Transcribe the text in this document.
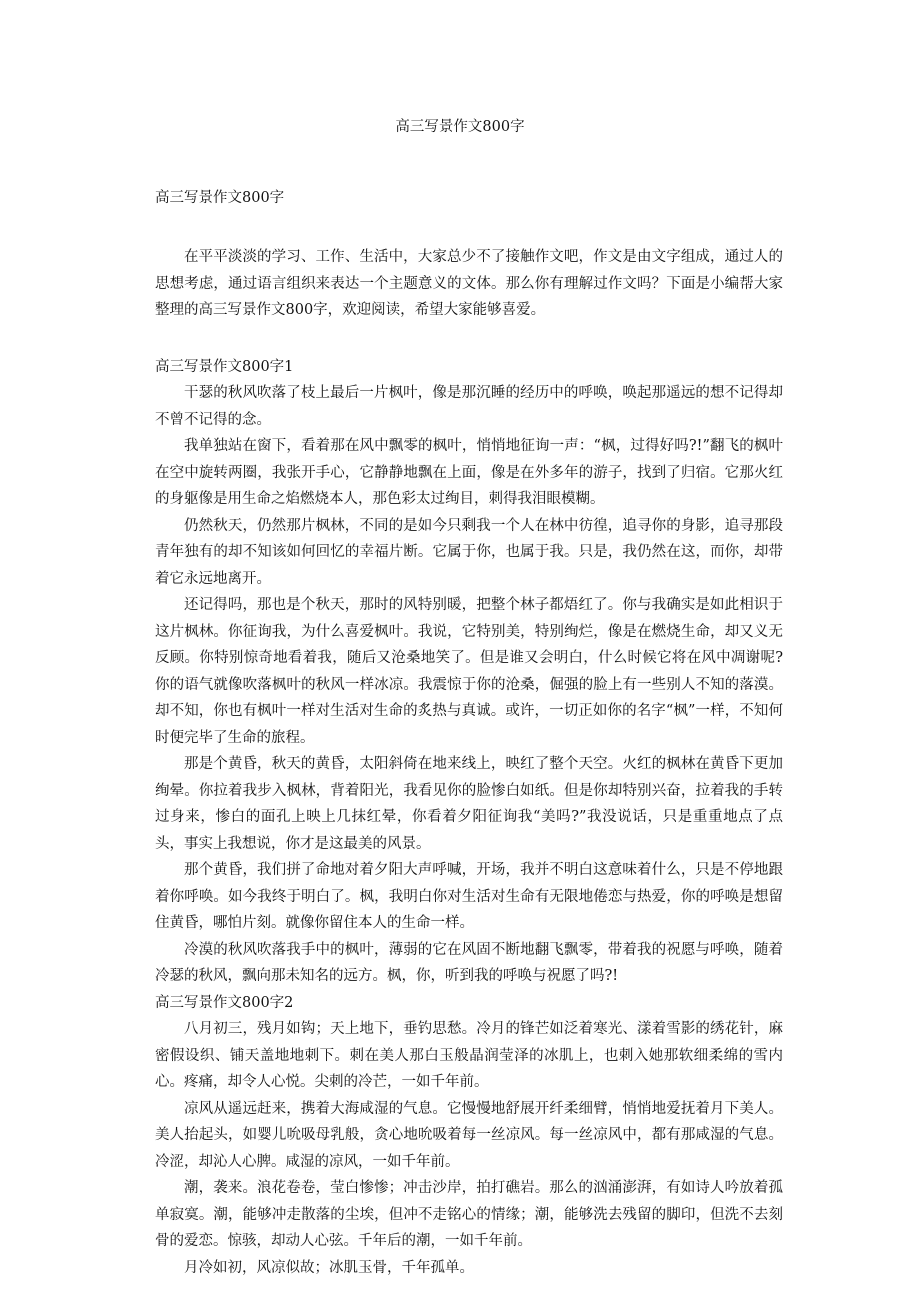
高三写景作文800字

高三写景作文800字

在平平淡淡的学习、工作、生活中，大家总少不了接触作文吧，作文是由文字组成，通过人的思想考虑，通过语言组织来表达一个主题意义的文体。那么你有理解过作文吗？下面是小编帮大家整理的高三写景作文800字，欢迎阅读，希望大家能够喜爱。

高三写景作文800字1

干瑟的秋风吹落了枝上最后一片枫叶，像是那沉睡的经历中的呼唤，唤起那遥远的想不记得却不曾不记得的念。

我单独站在窗下，看着那在风中飘零的枫叶，悄悄地征询一声：“枫，过得好吗?!”翻飞的枫叶在空中旋转两圈，我张开手心，它静静地飘在上面，像是在外多年的游子，找到了归宿。它那火红的身躯像是用生命之焰燃烧本人，那色彩太过绚目，刺得我泪眼模糊。

仍然秋天，仍然那片枫林，不同的是如今只剩我一个人在林中彷徨，追寻你的身影，追寻那段青年独有的却不知该如何回忆的幸福片断。它属于你，也属于我。只是，我仍然在这，而你，却带着它永远地离开。

还记得吗，那也是个秋天，那时的风特别暖，把整个林子都焐红了。你与我确实是如此相识于这片枫林。你征询我，为什么喜爱枫叶。我说，它特别美，特别绚烂，像是在燃烧生命，却又义无反顾。你特别惊奇地看着我，随后又沧桑地笑了。但是谁又会明白，什么时候它将在风中凋谢呢?你的语气就像吹落枫叶的秋风一样冰凉。我震惊于你的沧桑，倔强的脸上有一些别人不知的落漠。却不知，你也有枫叶一样对生活对生命的炙热与真诚。或许，一切正如你的名字“枫”一样，不知何时便完毕了生命的旅程。

那是个黄昏，秋天的黄昏，太阳斜倚在地来线上，映红了整个天空。火红的枫林在黄昏下更加绚晕。你拉着我步入枫林，背着阳光，我看见你的脸惨白如纸。但是你却特别兴奋，拉着我的手转过身来，惨白的面孔上映上几抹红晕，你看着夕阳征询我“美吗?”我没说话，只是重重地点了点头，事实上我想说，你才是这最美的风景。

那个黄昏，我们拼了命地对着夕阳大声呼喊，开场，我并不明白这意味着什么，只是不停地跟着你呼唤。如今我终于明白了。枫，我明白你对生活对生命有无限地倦恋与热爱，你的呼唤是想留住黄昏，哪怕片刻。就像你留住本人的生命一样。

冷漠的秋风吹落我手中的枫叶，薄弱的它在风固不断地翻飞飘零，带着我的祝愿与呼唤，随着冷瑟的秋风，飘向那未知名的远方。枫，你，听到我的呼唤与祝愿了吗?!

高三写景作文800字2

八月初三，残月如钩；天上地下，垂钓思愁。冷月的锋芒如泛着寒光、漾着雪影的绣花针，麻密假设织、铺天盖地地刺下。刺在美人那白玉般晶润莹泽的冰肌上，也刺入她那软细柔绵的雪内心。疼痛，却令人心悦。尖刺的冷芒，一如千年前。

凉风从遥远赶来，携着大海咸湿的气息。它慢慢地舒展开纤柔细臂，悄悄地爱抚着月下美人。美人抬起头，如婴儿吮吸母乳般，贪心地吮吸着每一丝凉风。每一丝凉风中，都有那咸湿的气息。冷涩，却沁人心脾。咸湿的凉风，一如千年前。

潮，袭来。浪花卷卷，莹白惨惨；冲击沙岸，拍打礁岩。那么的汹涌澎湃，有如诗人吟放着孤单寂寞。潮，能够冲走散落的尘埃，但冲不走铭心的情缘；潮，能够洗去残留的脚印，但洗不去刻骨的爱恋。惊骇，却动人心弦。千年后的潮，一如千年前。

月冷如初，风凉似故；冰肌玉骨，千年孤单。
